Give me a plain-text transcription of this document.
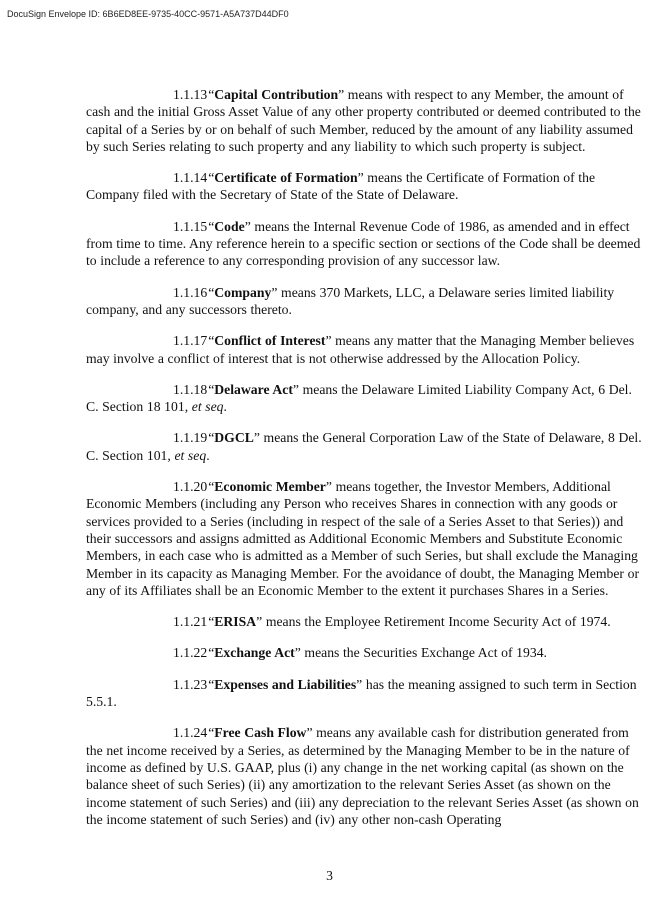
DocuSign Envelope ID: 6B6ED8EE-9735-40CC-9571-A5A737D44DF0

1.1.13“Capital Contribution” means with respect to any Member, the amount of cash and the initial Gross Asset Value of any other property contributed or deemed contributed to the capital of a Series by or on behalf of such Member, reduced by the amount of any liability assumed by such Series relating to such property and any liability to which such property is subject.

1.1.14“Certificate of Formation” means the Certificate of Formation of the Company filed with the Secretary of State of the State of Delaware.

1.1.15“Code” means the Internal Revenue Code of 1986, as amended and in effect from time to time. Any reference herein to a specific section or sections of the Code shall be deemed to include a reference to any corresponding provision of any successor law.

1.1.16“Company” means 370 Markets, LLC, a Delaware series limited liability company, and any successors thereto.

1.1.17“Conflict of Interest” means any matter that the Managing Member believes may involve a conflict of interest that is not otherwise addressed by the Allocation Policy.

1.1.18“Delaware Act” means the Delaware Limited Liability Company Act, 6 Del. C. Section 18 101, et seq.

1.1.19“DGCL” means the General Corporation Law of the State of Delaware, 8 Del. C. Section 101, et seq.

1.1.20“Economic Member” means together, the Investor Members, Additional Economic Members (including any Person who receives Shares in connection with any goods or services provided to a Series (including in respect of the sale of a Series Asset to that Series)) and their successors and assigns admitted as Additional Economic Members and Substitute Economic Members, in each case who is admitted as a Member of such Series, but shall exclude the Managing Member in its capacity as Managing Member. For the avoidance of doubt, the Managing Member or any of its Affiliates shall be an Economic Member to the extent it purchases Shares in a Series.

1.1.21“ERISA” means the Employee Retirement Income Security Act of 1974.

1.1.22“Exchange Act” means the Securities Exchange Act of 1934.

1.1.23“Expenses and Liabilities” has the meaning assigned to such term in Section 5.5.1.

1.1.24“Free Cash Flow” means any available cash for distribution generated from the net income received by a Series, as determined by the Managing Member to be in the nature of income as defined by U.S. GAAP, plus (i) any change in the net working capital (as shown on the balance sheet of such Series) (ii) any amortization to the relevant Series Asset (as shown on the income statement of such Series) and (iii) any depreciation to the relevant Series Asset (as shown on the income statement of such Series) and (iv) any other non-cash Operating

3
